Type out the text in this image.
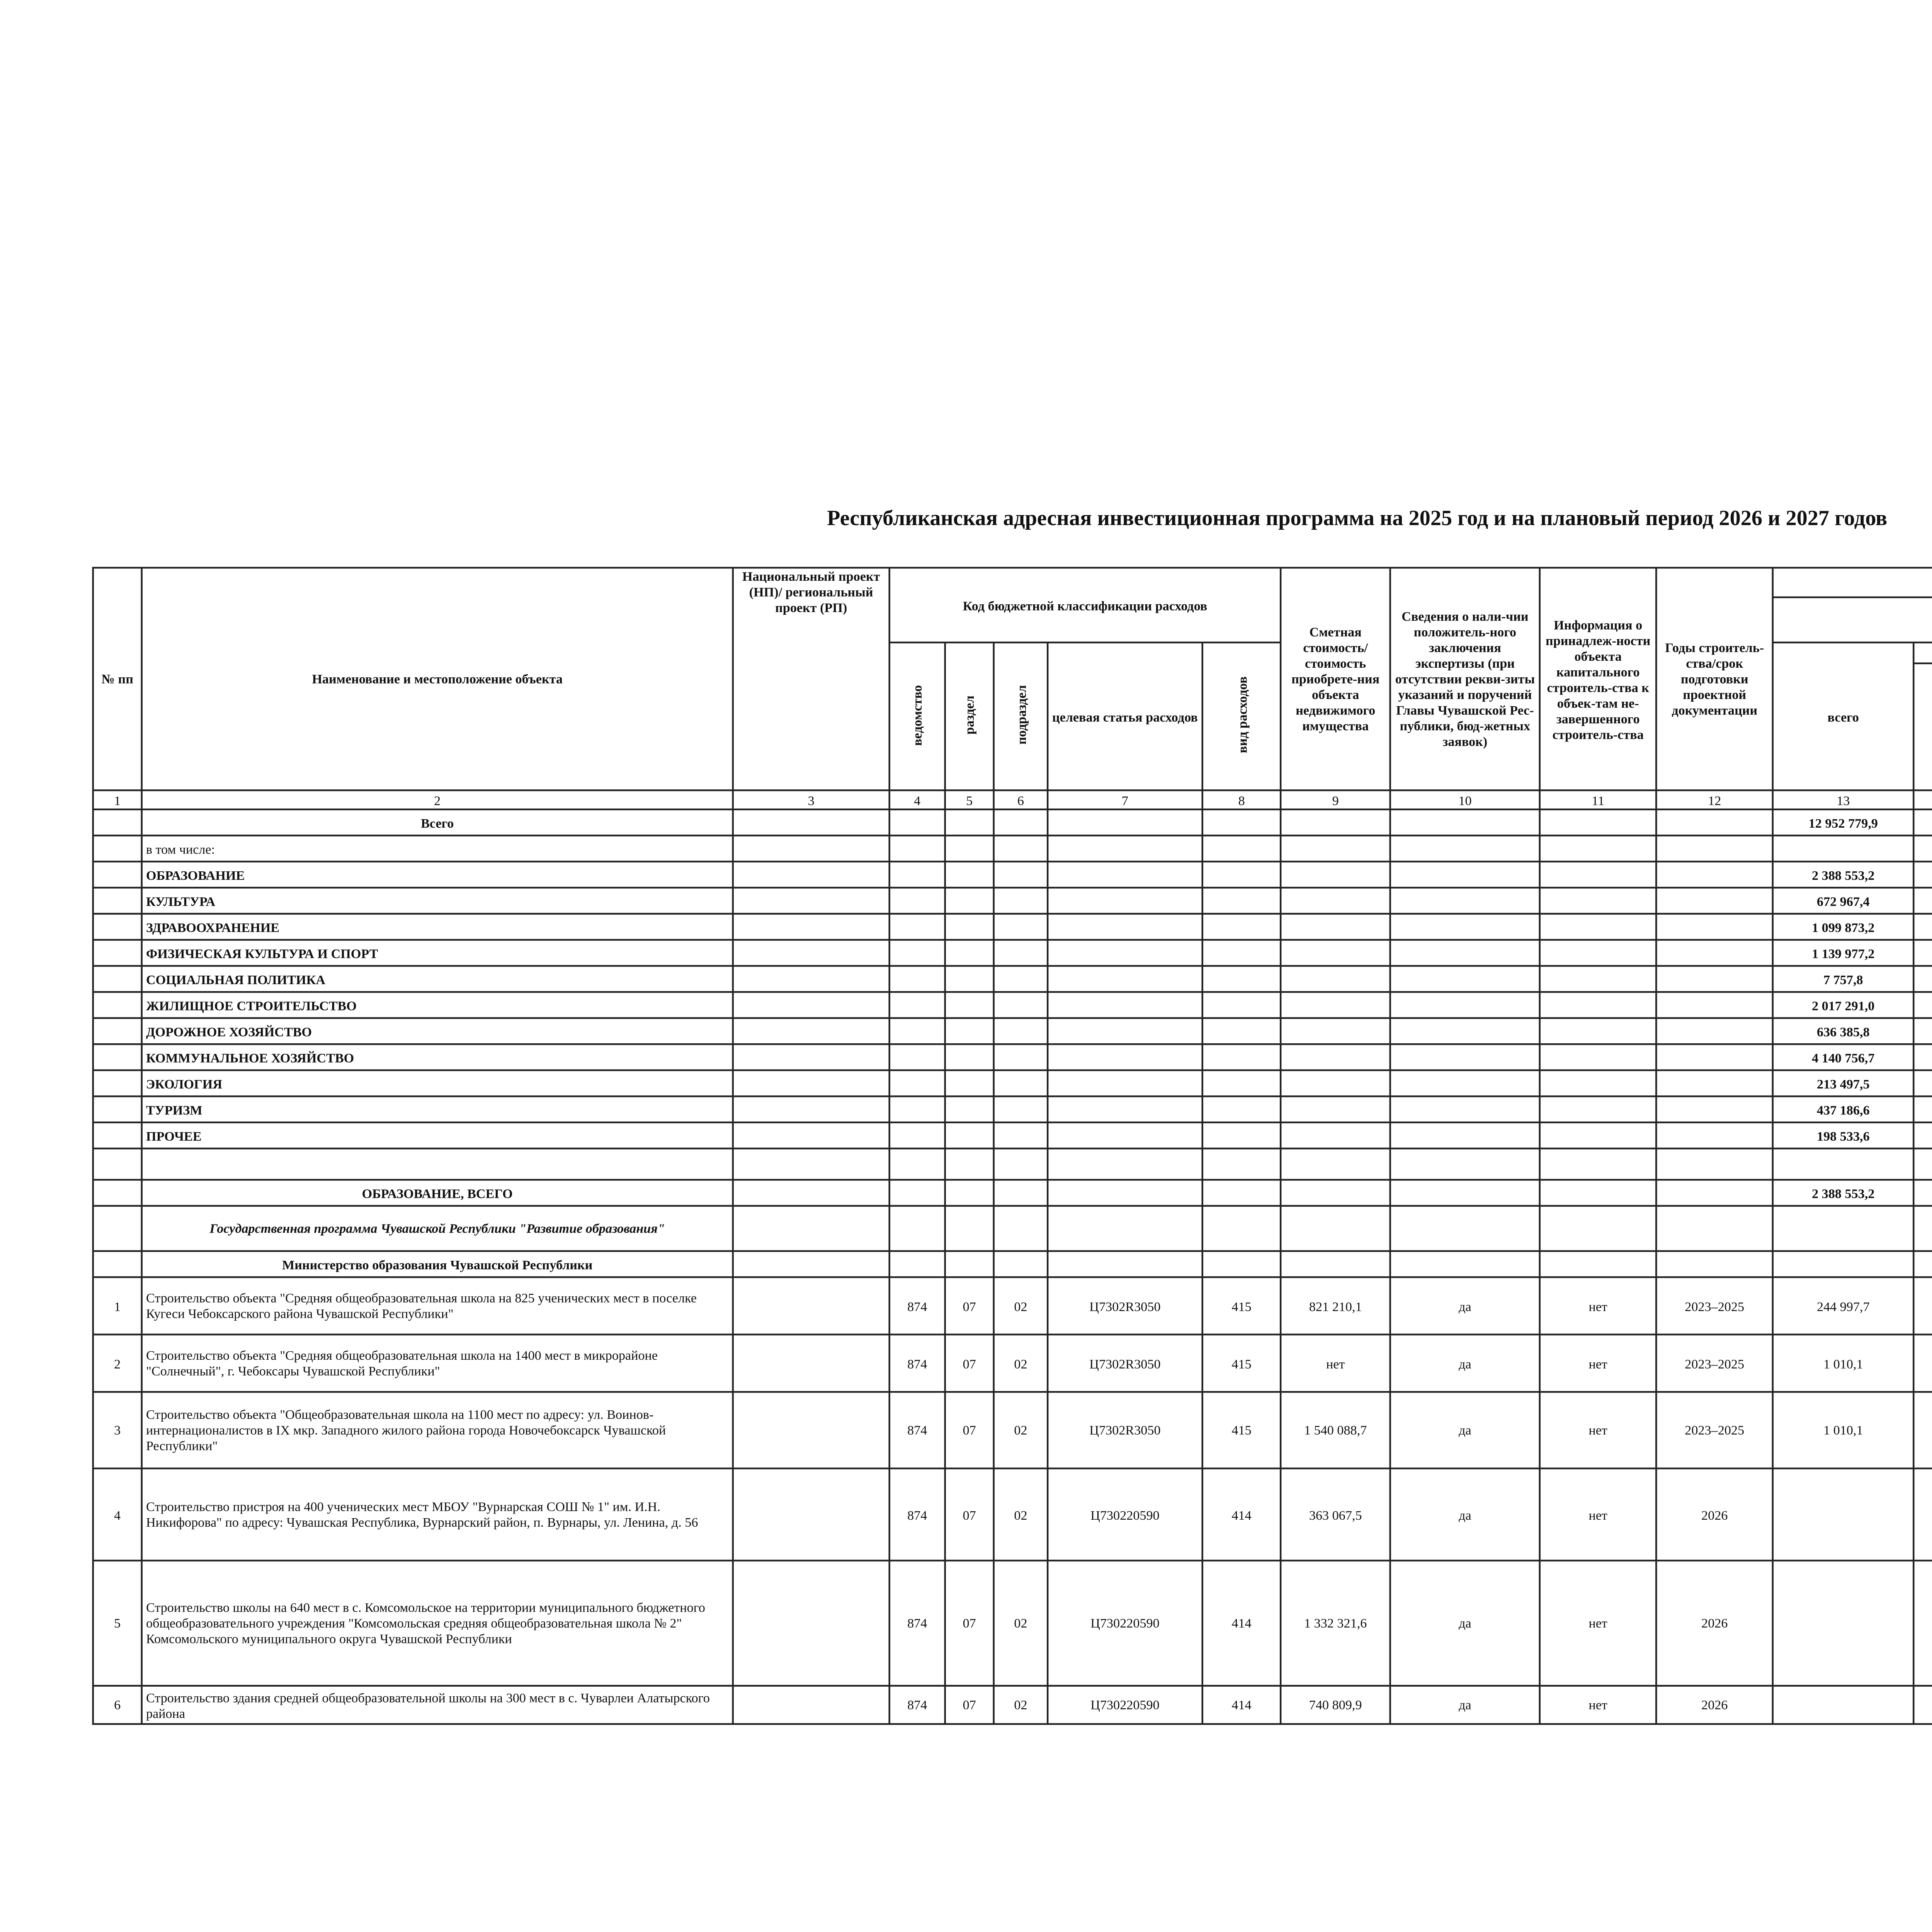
Республиканская адресная инвестиционная программа на 2025 год и на плановый период 2026 и 2027 годов
№ пп	Наименование и местоположение объекта	Национальный проект (НП)/ региональный проект (РП)	Код бюджетной классификации расходов					Сметная стоимость/ стоимость приобрете-ния объекта недвижимого имущества	Сведения о нали-чии положитель-ного заключения экспертизы (при отсутствии рекви-зиты указаний и поручений Главы Чувашской Рес-публики, бюд-жетных заявок)	Информация о принадлеж-ности объекта капитального строитель-ства к объек-там не-завершенного строитель-ства	Годы строитель-ства/срок подготовки проектной документации			

			ведомство	раздел	подраздел	целевая статья расходов	вид расходов					всего					

1	2	3	4	5	6	7	8	9	10	11	12	13								
	Всего											12 952 779,9								
	в том числе:																			
	ОБРАЗОВАНИЕ											2 388 553,2								
	КУЛЬТУРА											672 967,4								
	ЗДРАВООХРАНЕНИЕ											1 099 873,2								
	ФИЗИЧЕСКАЯ КУЛЬТУРА И СПОРТ											1 139 977,2								
	СОЦИАЛЬНАЯ ПОЛИТИКА											7 757,8								
	ЖИЛИЩНОЕ СТРОИТЕЛЬСТВО											2 017 291,0								
	ДОРОЖНОЕ ХОЗЯЙСТВО											636 385,8								
	КОММУНАЛЬНОЕ ХОЗЯЙСТВО											4 140 756,7								
	ЭКОЛОГИЯ											213 497,5								
	ТУРИЗМ											437 186,6								
	ПРОЧЕЕ											198 533,6								

	ОБРАЗОВАНИЕ, ВСЕГО											2 388 553,2								
	Государственная программа Чувашской Республики "Развитие образования"																			
	Министерство образования Чувашской Республики																			
1	Строительство объекта "Средняя общеобразовательная школа на 825 ученических мест в поселке Кугеси Чебоксарского района Чувашской Республики"		874	07	02	Ц7302R3050	415	821 210,1	да	нет	2023–2025	244 997,7								
2	Строительство объекта "Средняя общеобразовательная школа на 1400 мест в микрорайоне "Солнечный", г. Чебоксары Чувашской Республики"		874	07	02	Ц7302R3050	415	нет	да	нет	2023–2025	1 010,1								
3	Строительство объекта "Общеобразовательная школа на 1100 мест по адресу: ул. Воинов-интернационалистов в IX мкр. Западного жилого района города Новочебоксарск Чувашской Республики"		874	07	02	Ц7302R3050	415	1 540 088,7	да	нет	2023–2025	1 010,1								
4	Строительство пристроя на 400 ученических мест МБОУ "Вурнарская СОШ № 1" им. И.Н. Никифорова" по адресу: Чувашская Республика, Вурнарский район, п. Вурнары, ул. Ленина, д. 56		874	07	02	Ц730220590	414	363 067,5	да	нет	2026									
5	Строительство школы на 640 мест в с. Комсомольское на территории муниципального бюджетного общеобразовательного учреждения "Комсомольская средняя общеобразовательная школа № 2" Комсомольского муниципального округа Чувашской Республики		874	07	02	Ц730220590	414	1 332 321,6	да	нет	2026									
6	Строительство здания средней общеобразовательной школы на 300 мест в с. Чуварлеи Алатырского района		874	07	02	Ц730220590	414	740 809,9	да	нет	2026									
